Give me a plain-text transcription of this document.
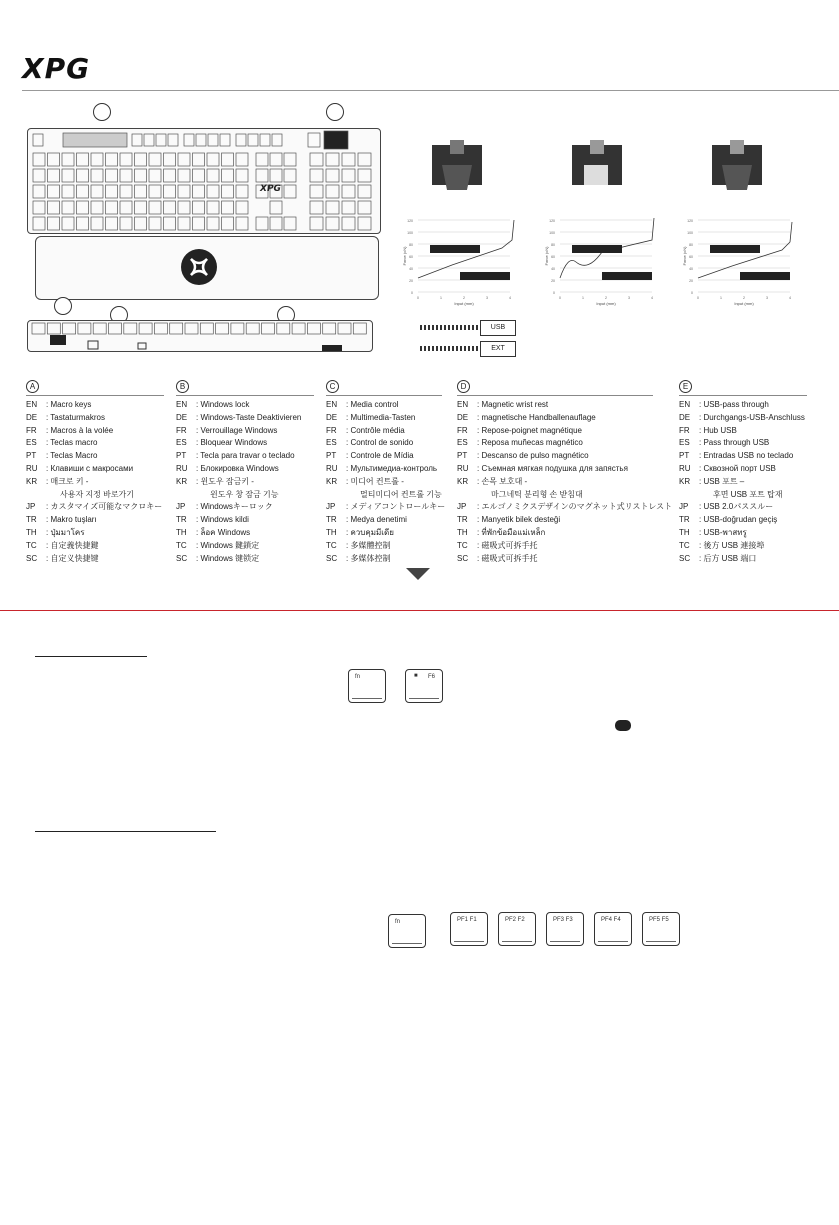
XPG
XPG
120
100
80
60
40
20
0
0	1	2	3	4
Input (mm)
Force (cN)
120
100
80
60
40
20
0
0	1	2	3	4
Input (mm)
Force (cN)
120
100
80
60
40
20
0
0	1	2	3	4
Input (mm)
Force (cN)
USB
EXT
A
EN	: Macro keys
DE	: Tastaturmakros
FR	: Macros à la volée
ES	: Teclas macro
PT	: Teclas Macro
RU	: Клавиши с макросами
KR	: 매크로 키 -
사용자 지정 바로가기
JP	: カスタマイズ可能なマクロキー
TR	: Makro tuşları
TH	: ปุ่มมาโคร
TC	: 自定義快捷鍵
SC	: 自定义快捷键
B
EN	: Windows lock
DE	: Windows-Taste Deaktivieren
FR	: Verrouillage Windows
ES	: Bloquear Windows
PT	: Tecla para travar o teclado
RU	: Блокировка Windows
KR	: 윈도우 잠금키 -
윈도우 창 잠금 기능
JP	: Windowsキーロック
TR	: Windows kildi
TH	: ล็อค Windows
TC	: Windows 鍵鎖定
SC	: Windows 键锁定
C
EN	: Media control
DE	: Multimedia-Tasten
FR	: Contrôle média
ES	: Control de sonido
PT	: Controle de Mídia
RU	: Мультимедиа-контроль
KR	: 미디어 컨트롤 -
멀티미디어 컨트롤 기능
JP	: メディアコントロールキー
TR	: Medya denetimi
TH	: ควบคุมมีเดีย
TC	: 多媒體控制
SC	: 多媒体控制
D
EN	: Magnetic wrist rest
DE	: magnetische Handballenauflage
FR	: Repose-poignet magnétique
ES	: Reposa muñecas magnético
PT	: Descanso de pulso magnético
RU	: Съемная мягкая подушка для запястья
KR	: 손목 보호대 -
마그네틱 분리형 손 받침대
JP	: エルゴノミクスデザインのマグネット式リストレスト
TR	: Manyetik bilek desteği
TH	: ที่พักข้อมือแม่เหล็ก
TC	: 磁吸式可拆手托
SC	: 磁吸式可拆手托
E
EN	: USB-pass through
DE	: Durchgangs-USB-Anschluss
FR	: Hub USB
ES	: Pass through USB
PT	: Entradas USB no teclado
RU	: Сквозной порт USB
KR	: USB 포트 –
후면 USB 포트 탑재
JP	: USB 2.0パススルー
TR	: USB-doğrudan geçiş
TH	: USB-พาสทรู
TC	: 後方 USB 連接埠
SC	: 后方 USB 端口
fn	■ F6
fn	PF1 F1	PF2 F2	PF3 F3	PF4 F4	PF5 F5
